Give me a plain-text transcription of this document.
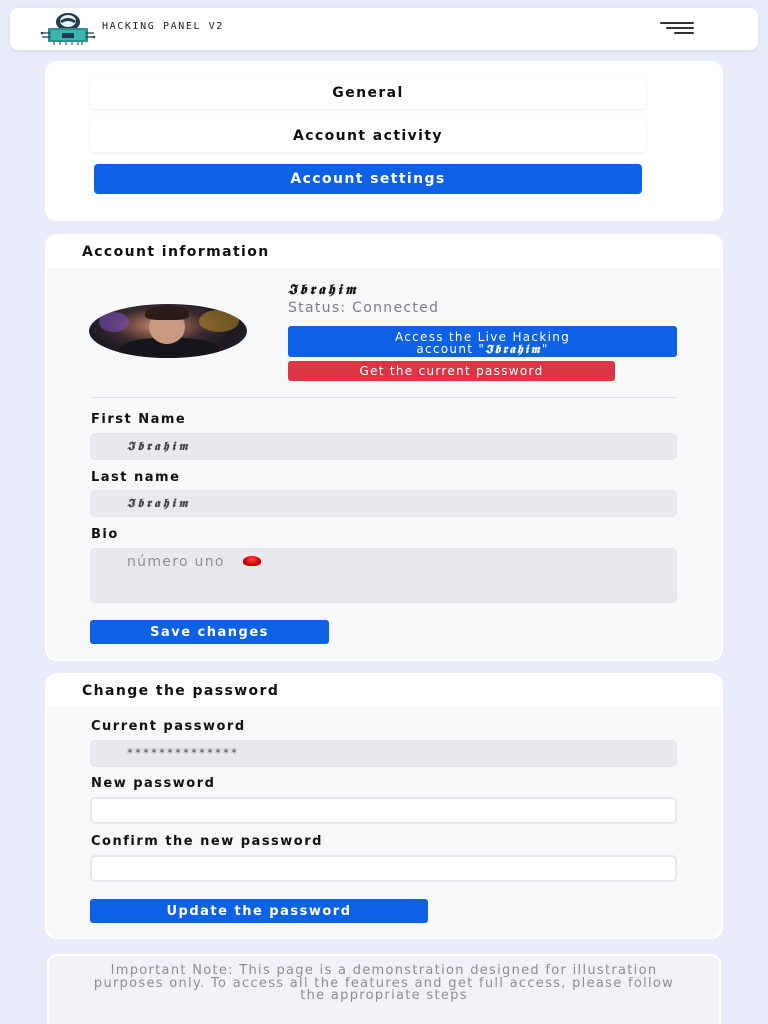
HACKING PANEL V2
General
Account activity
Account settings
Account information
𝕴𝖇𝖗𝖆𝖍𝖎𝖒
Status: Connected
Access the Live Hacking
account "𝕴𝖇𝖗𝖆𝖍𝖎𝖒"
Get the current password
First Name
𝕴𝖇𝖗𝖆𝖍𝖎𝖒
Last name
𝕴𝖇𝖗𝖆𝖍𝖎𝖒
Bio
número uno
Save changes
Change the password
Current password
**************
New password
Confirm the new password
Update the password
Important Note: This page is a demonstration designed for illustration purposes only. To access all the features and get full access, please follow the appropriate steps
